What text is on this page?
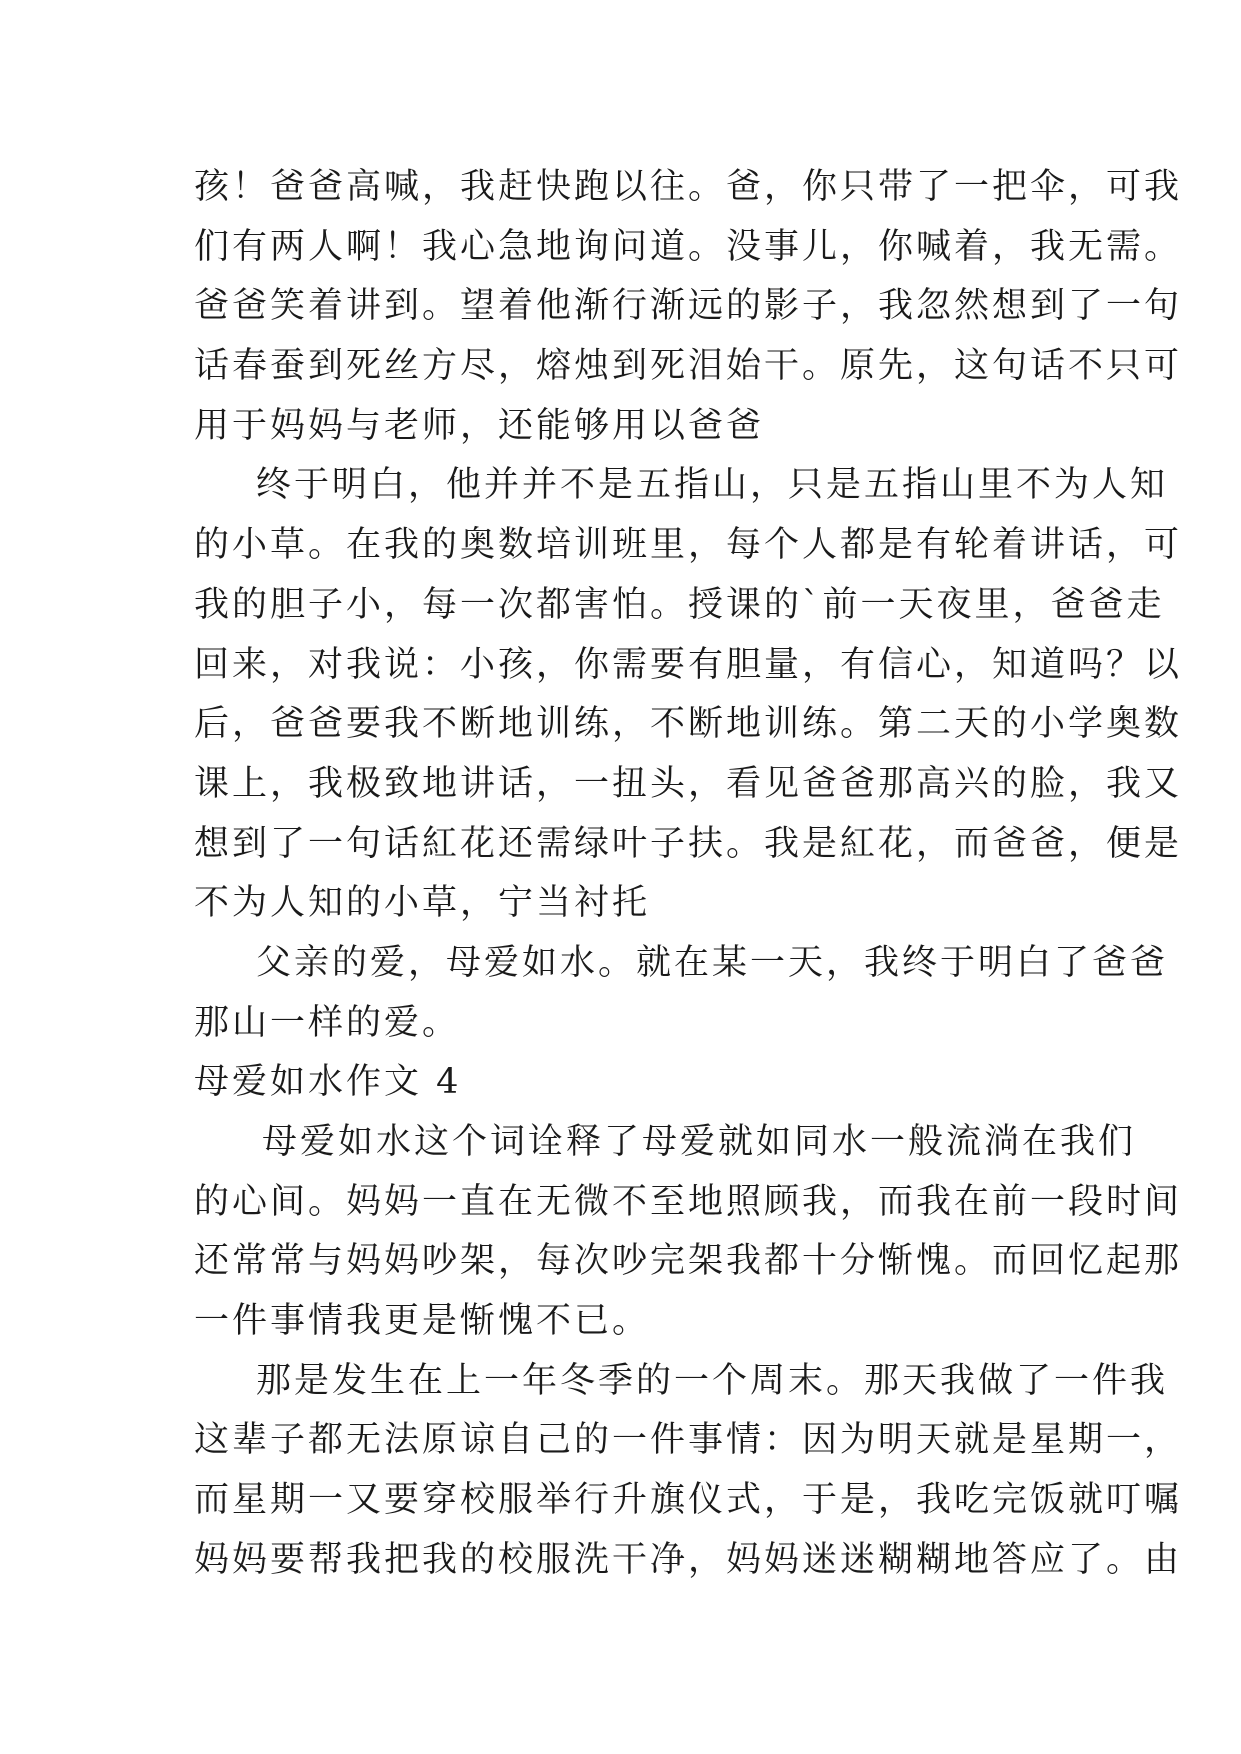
孩！爸爸高喊，我赶快跑以往。爸，你只带了一把伞，可我
们有两人啊！我心急地询问道。没事儿，你喊着，我无需。
爸爸笑着讲到。望着他渐行渐远的影子，我忽然想到了一句
话春蚕到死丝方尽，熔烛到死泪始干。原先，这句话不只可
用于妈妈与老师，还能够用以爸爸
终于明白，他并并不是五指山，只是五指山里不为人知
的小草。在我的奥数培训班里，每个人都是有轮着讲话，可
我的胆子小，每一次都害怕。授课的`前一天夜里，爸爸走
回来，对我说：小孩，你需要有胆量，有信心，知道吗？以
后，爸爸要我不断地训练，不断地训练。第二天的小学奥数
课上，我极致地讲话，一扭头，看见爸爸那高兴的脸，我又
想到了一句话紅花还需绿叶子扶。我是紅花，而爸爸，便是
不为人知的小草，宁当衬托
父亲的爱，母爱如水。就在某一天，我终于明白了爸爸
那山一样的爱。
母爱如水作文 4
母爱如水这个词诠释了母爱就如同水一般流淌在我们
的心间。妈妈一直在无微不至地照顾我，而我在前一段时间
还常常与妈妈吵架，每次吵完架我都十分惭愧。而回忆起那
一件事情我更是惭愧不已。
那是发生在上一年冬季的一个周末。那天我做了一件我
这辈子都无法原谅自己的一件事情：因为明天就是星期一，
而星期一又要穿校服举行升旗仪式，于是，我吃完饭就叮嘱
妈妈要帮我把我的校服洗干净，妈妈迷迷糊糊地答应了。由
